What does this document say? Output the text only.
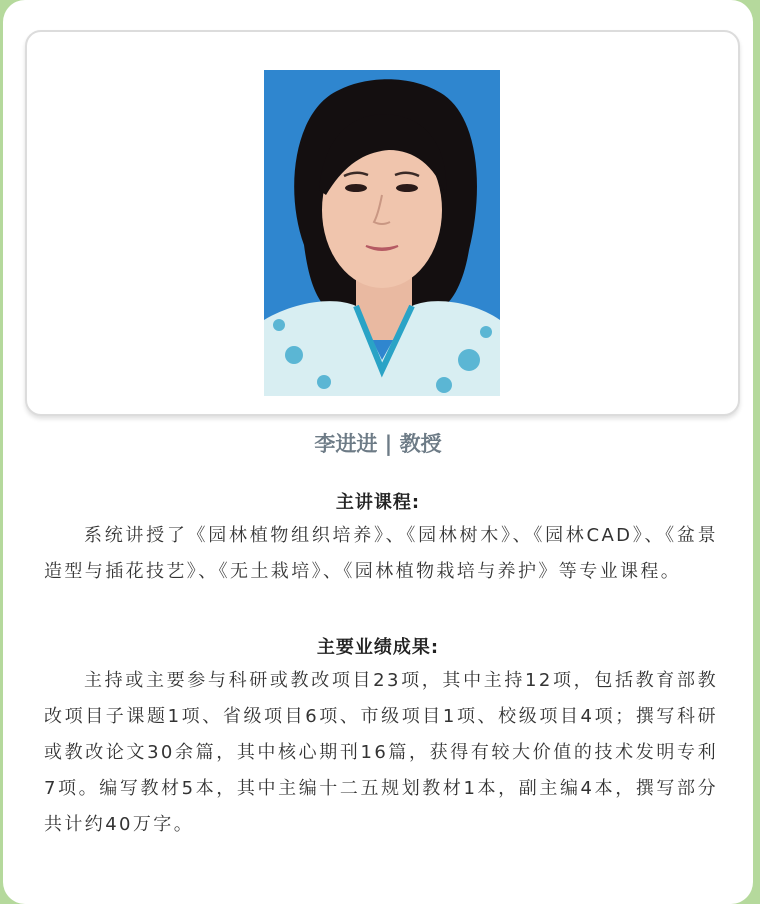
李进进 | 教授
主讲课程:

系统讲授了《园林植物组织培养》、《园林树木》、《园林CAD》、《盆景造型与插花技艺》、《无土栽培》、《园林植物栽培与养护》等专业课程。

主要业绩成果:

主持或主要参与科研或教改项目23项，其中主持12项，包括教育部教改项目子课题1项、省级项目6项、市级项目1项、校级项目4项；撰写科研或教改论文30余篇，其中核心期刊16篇，获得有较大价值的技术发明专利7项。编写教材5本，其中主编十二五规划教材1本，副主编4本，撰写部分共计约40万字。
